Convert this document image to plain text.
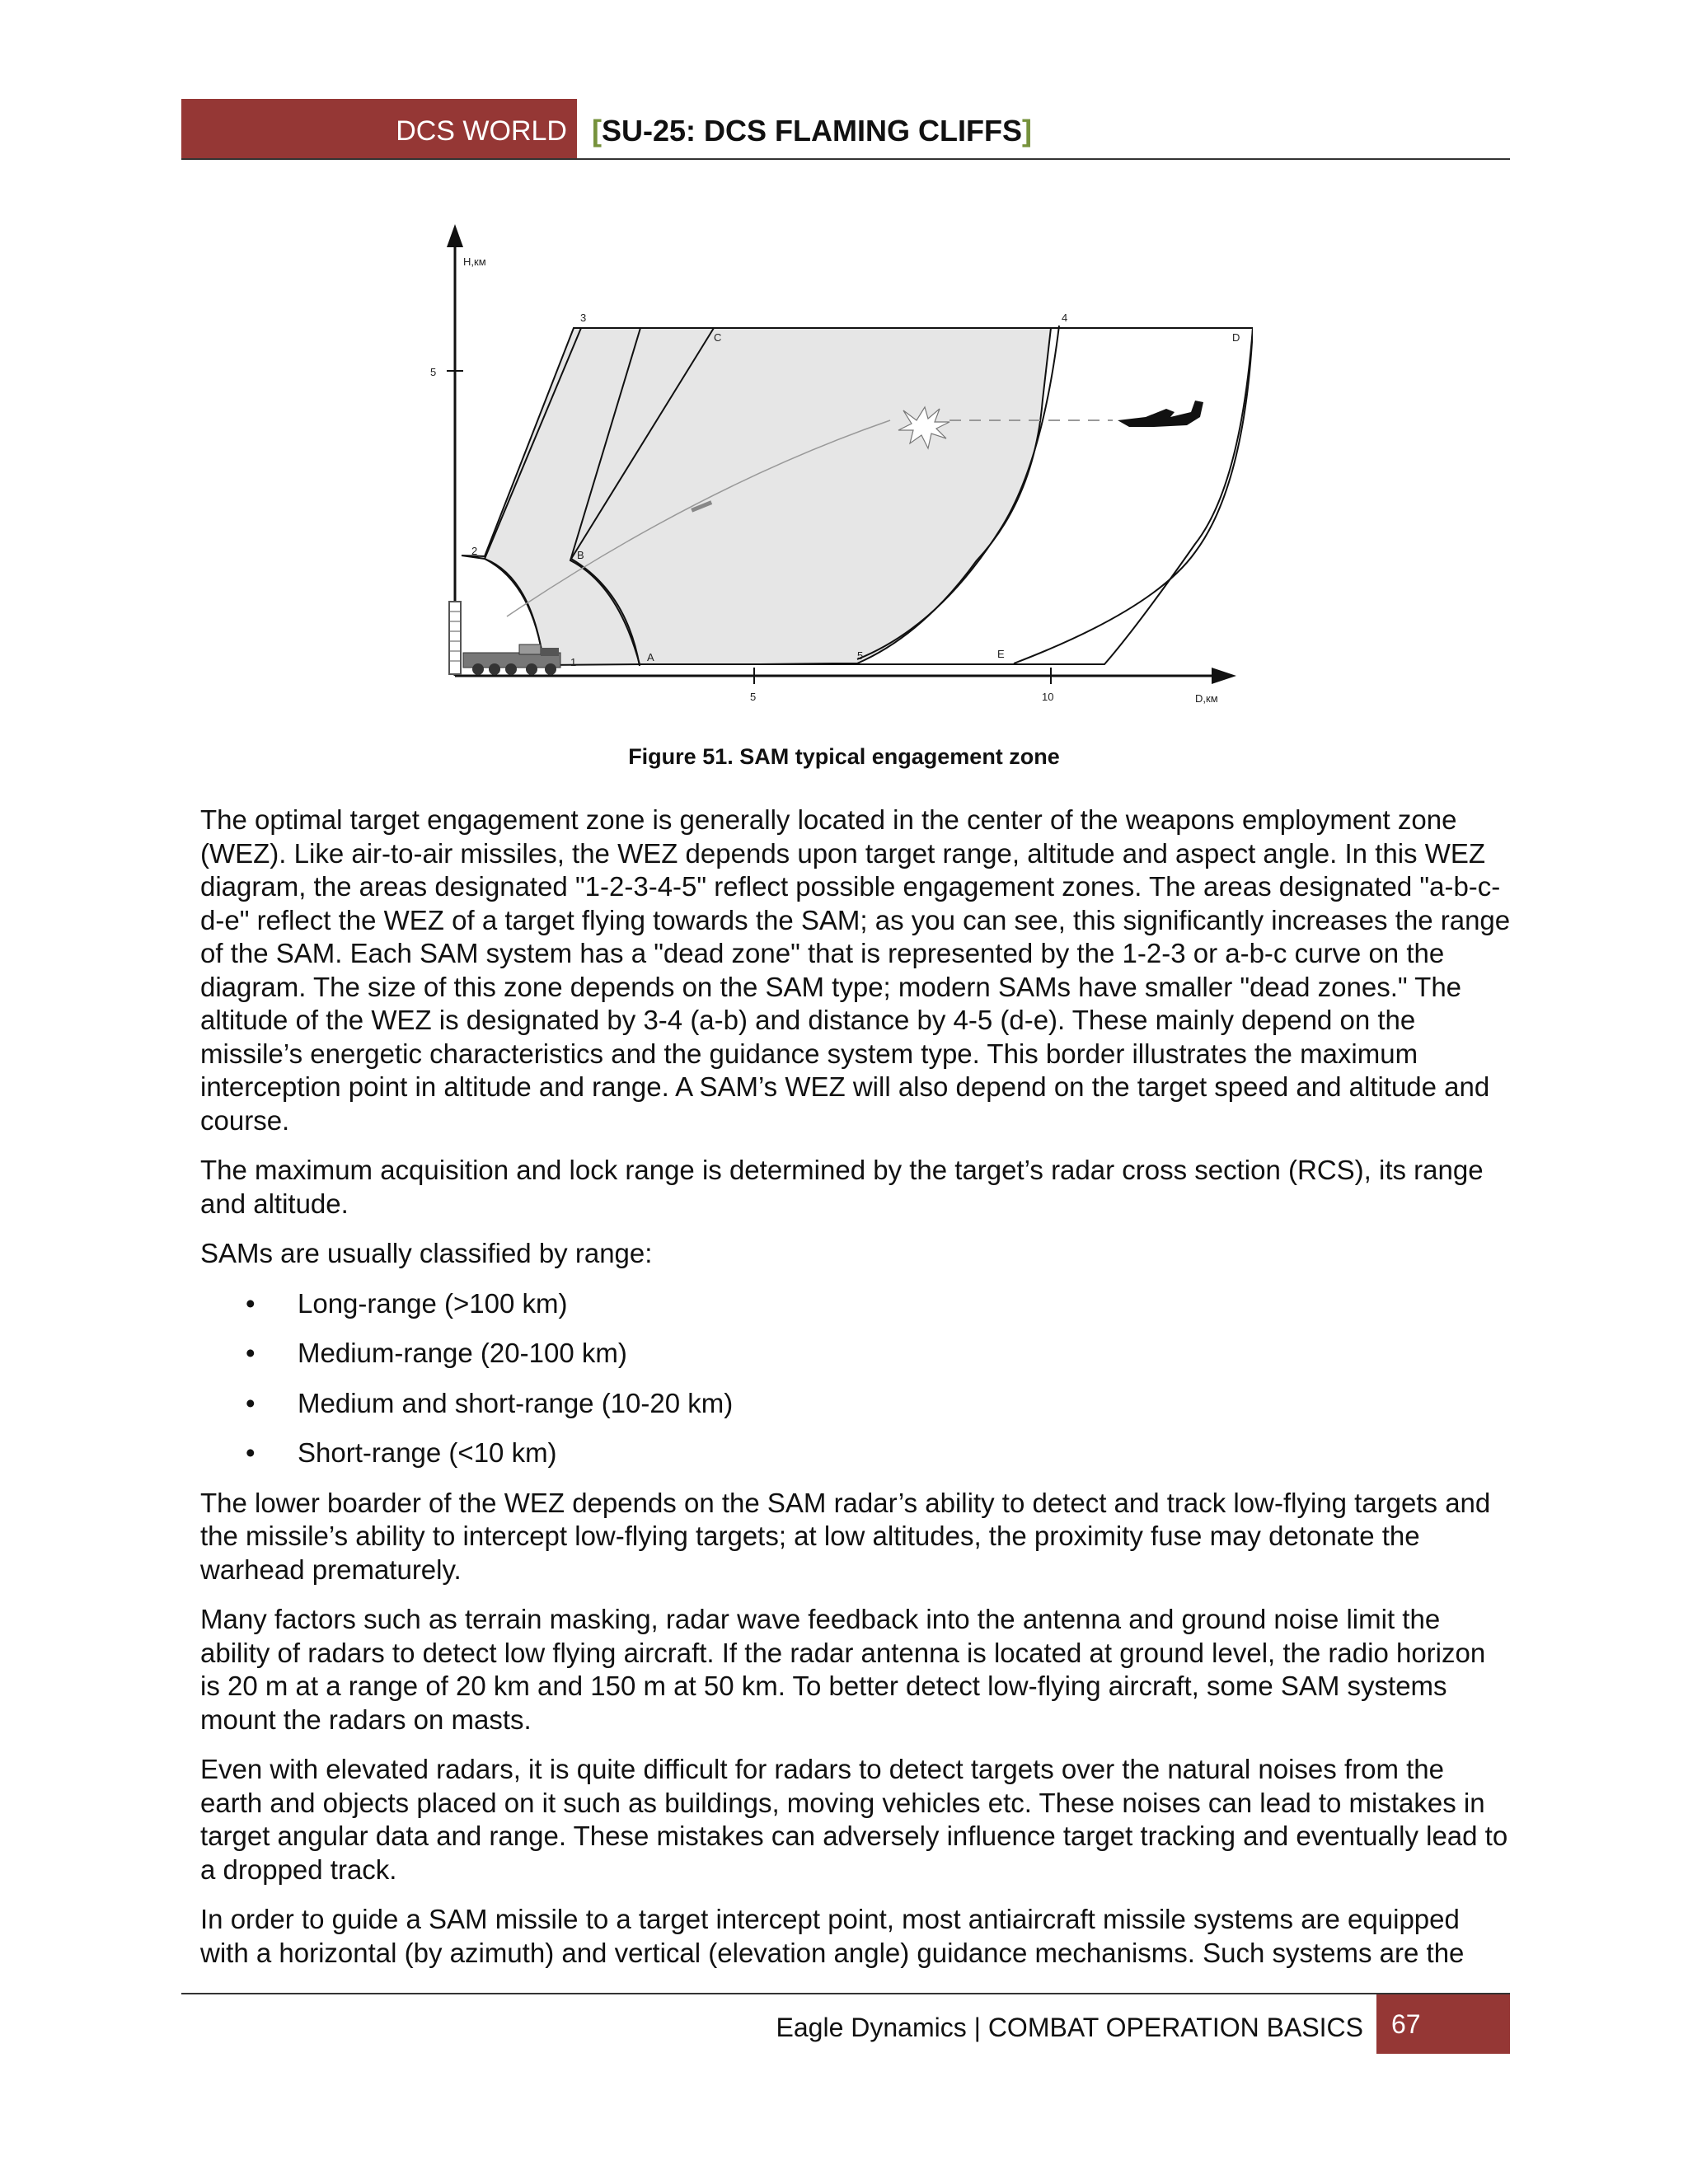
DCS WORLD [SU-25: DCS FLAMING CLIFFS]
H,км
D,км
5
5	10
1
2
3	4
5
A
B
C	D
E
Figure 51. SAM typical engagement zone

The optimal target engagement zone is generally located in the center of the weapons employment zone (WEZ). Like air-to-air missiles, the WEZ depends upon target range, altitude and aspect angle. In this WEZ diagram, the areas designated "1-2-3-4-5" reflect possible engagement zones. The areas designated "a-b-c-d-e" reflect the WEZ of a target flying towards the SAM; as you can see, this significantly increases the range of the SAM. Each SAM system has a "dead zone" that is represented by the 1-2-3 or a-b-c curve on the diagram. The size of this zone depends on the SAM type; modern SAMs have smaller "dead zones." The altitude of the WEZ is designated by 3-4 (a-b) and distance by 4-5 (d-e). These mainly depend on the missile’s energetic characteristics and the guidance system type. This border illustrates the maximum interception point in altitude and range. A SAM’s WEZ will also depend on the target speed and altitude and course.

The maximum acquisition and lock range is determined by the target’s radar cross section (RCS), its range and altitude.

SAMs are usually classified by range:

• Long-range (>100 km)
• Medium-range (20-100 km)
• Medium and short-range (10-20 km)
• Short-range (<10 km)

The lower boarder of the WEZ depends on the SAM radar’s ability to detect and track low-flying targets and the missile’s ability to intercept low-flying targets; at low altitudes, the proximity fuse may detonate the warhead prematurely.

Many factors such as terrain masking, radar wave feedback into the antenna and ground noise limit the ability of radars to detect low flying aircraft. If the radar antenna is located at ground level, the radio horizon is 20 m at a range of 20 km and 150 m at 50 km. To better detect low-flying aircraft, some SAM systems mount the radars on masts.

Even with elevated radars, it is quite difficult for radars to detect targets over the natural noises from the earth and objects placed on it such as buildings, moving vehicles etc. These noises can lead to mistakes in target angular data and range. These mistakes can adversely influence target tracking and eventually lead to a dropped track.

In order to guide a SAM missile to a target intercept point, most antiaircraft missile systems are equipped with a horizontal (by azimuth) and vertical (elevation angle) guidance mechanisms. Such systems are the

Eagle Dynamics | COMBAT OPERATION BASICS	67
